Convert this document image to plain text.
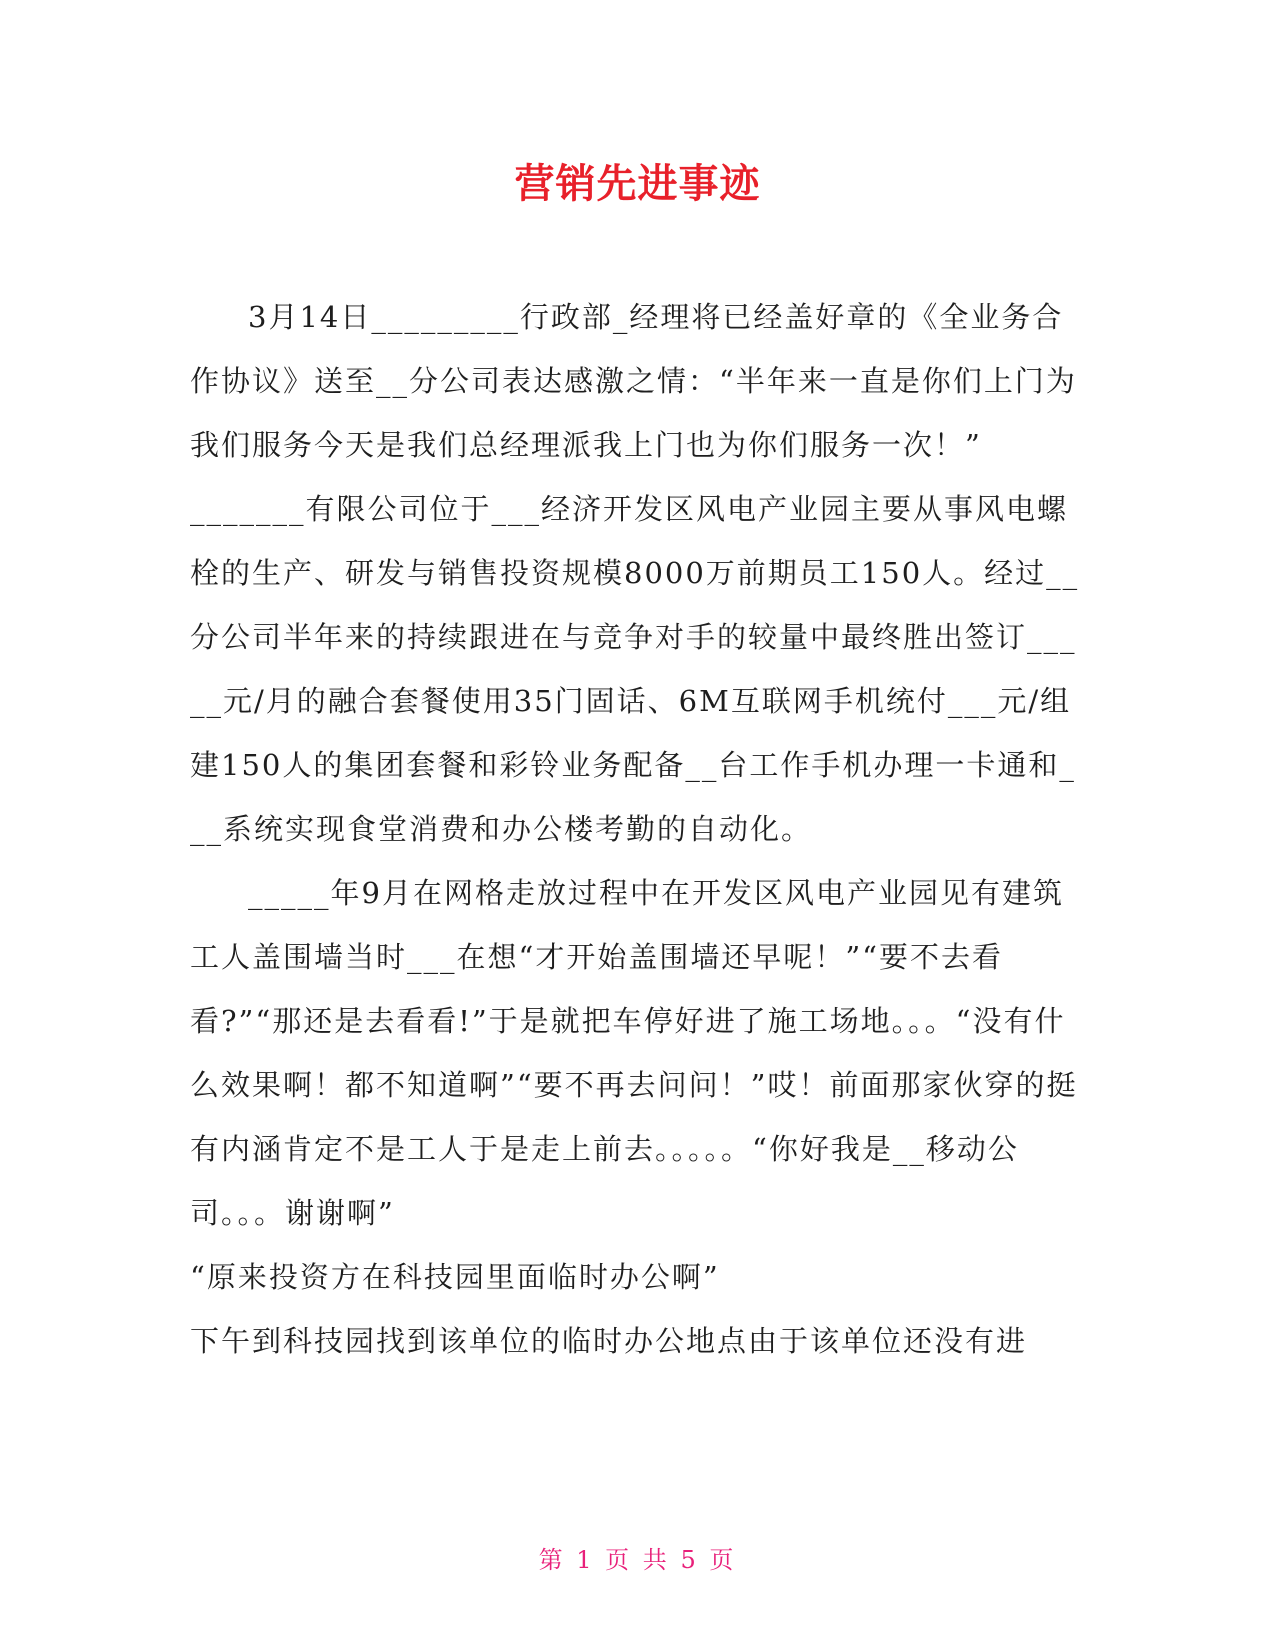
营销先进事迹

3月14日_________行政部_经理将已经盖好章的《全业务合作协议》送至__分公司表达感激之情：“半年来一直是你们上门为我们服务今天是我们总经理派我上门也为你们服务一次！”

_______有限公司位于___经济开发区风电产业园主要从事风电螺栓的生产、研发与销售投资规模8000万前期员工150人。经过__分公司半年来的持续跟进在与竞争对手的较量中最终胜出签订_____元/月的融合套餐使用35门固话、6M互联网手机统付___元/组建150人的集团套餐和彩铃业务配备__台工作手机办理一卡通和___系统实现食堂消费和办公楼考勤的自动化。

_____年9月在网格走放过程中在开发区风电产业园见有建筑工人盖围墙当时___在想“才开始盖围墙还早呢！”“要不去看看?”“那还是去看看!”于是就把车停好进了施工场地。。。“没有什么效果啊！都不知道啊”“要不再去问问！”哎！前面那家伙穿的挺有内涵肯定不是工人于是走上前去。。。。。“你好我是__移动公司。。。谢谢啊”

“原来投资方在科技园里面临时办公啊”

下午到科技园找到该单位的临时办公地点由于该单位还没有进

第 1 页 共 5 页
